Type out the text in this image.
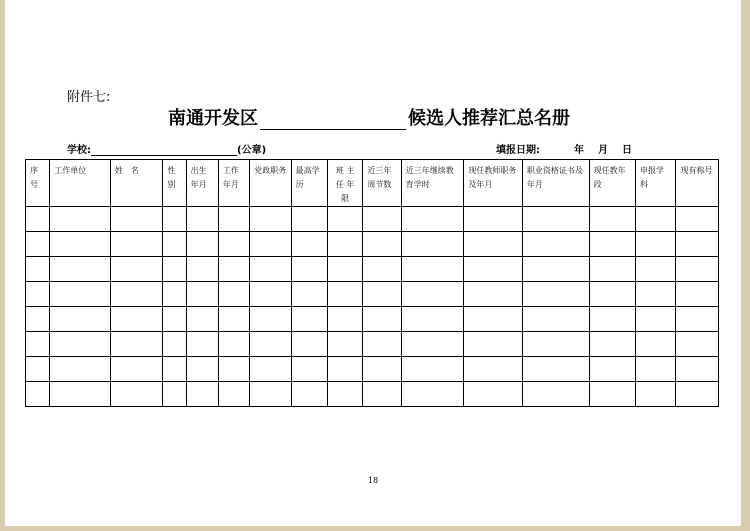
附件七:
南通开发区	候选人推荐汇总名册
学校:	(公章)	填报日期:	年 月 日
序号	工作单位	姓　名	性别	出生年月	工作年月	党政职务	最高学历	班 主任 年限	近三年周节数	近三年继续教育学时	现任教师职务及年月	职业资格证书及年月	现任教年段	申报学科	现有称号

18
